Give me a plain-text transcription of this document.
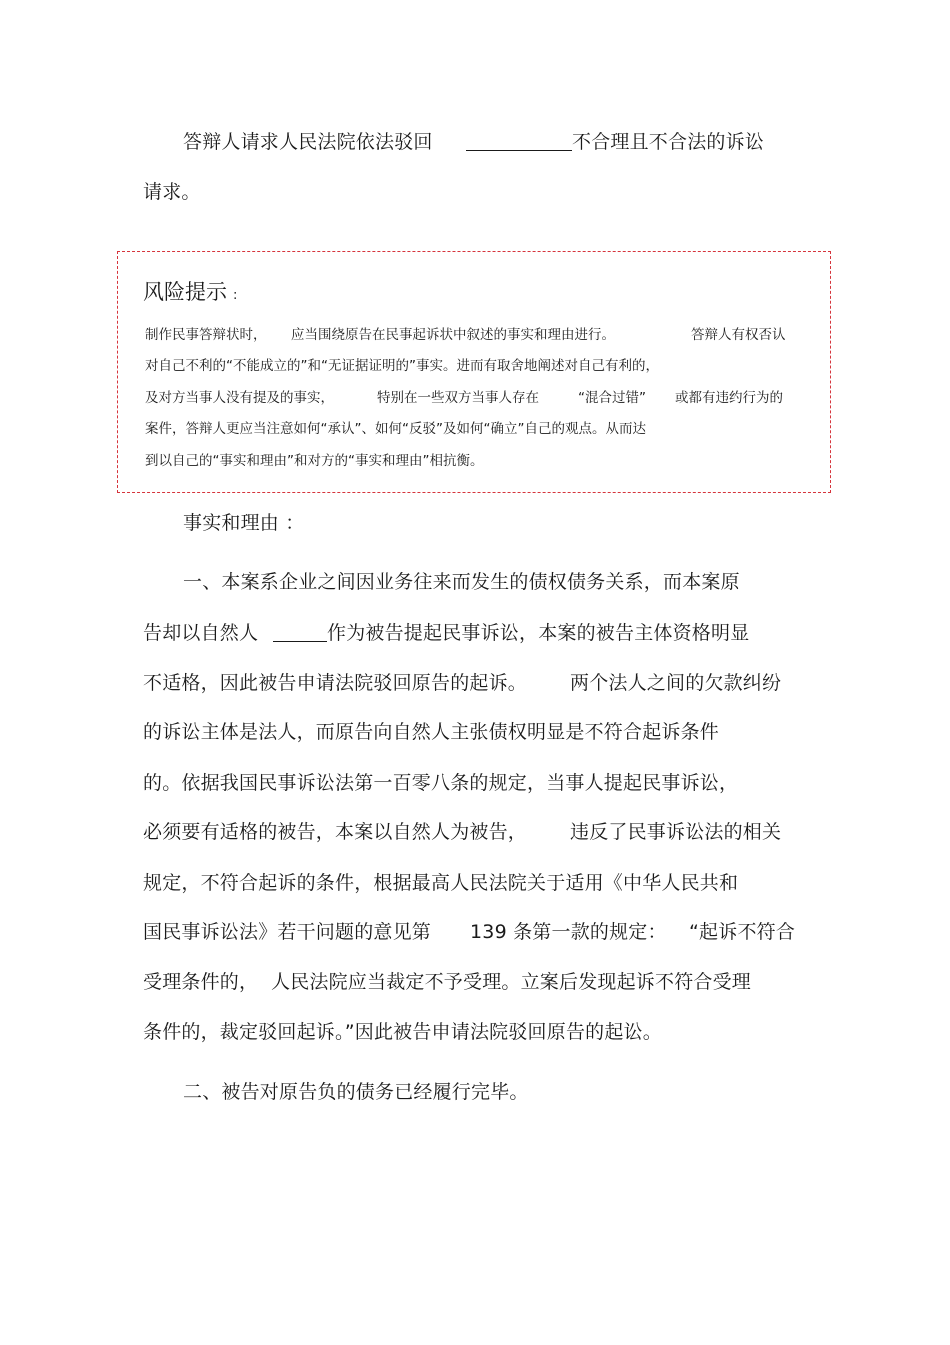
答辩人请求人民法院依法驳回	不合理且不合法的诉讼
请求。
风险提示 :
制作民事答辩状时， 应当围绕原告在民事起诉状中叙述的事实和理由进行。	答辩人有权否认
对自己不利的“不能成立的”和“无证据证明的”事实。进而有取舍地阐述对自己有利的，
及对方当事人没有提及的事实，	特别在一些双方当事人存在	“混合过错” 或都有违约行为的
案件，答辩人更应当注意如何“承认”、如何“反驳”及如何“确立”自己的观点。从而达
到以自己的“事实和理由”和对方的“事实和理由”相抗衡。
事实和理由 ：
一、本案系企业之间因业务往来而发生的债权债务关系，而本案原
告却以自然人	作为被告提起民事诉讼，本案的被告主体资格明显
不适格，因此被告申请法院驳回原告的起诉。 两个法人之间的欠款纠纷
的诉讼主体是法人，而原告向自然人主张债权明显是不符合起诉条件
的。依据我国民事诉讼法第一百零八条的规定，当事人提起民事诉讼，
必须要有适格的被告，本案以自然人为被告， 违反了民事诉讼法的相关
规定，不符合起诉的条件，根据最高人民法院关于适用《中华人民共和
国民事诉讼法》若干问题的意见第 139 条第一款的规定： “起诉不符合
受理条件的， 人民法院应当裁定不予受理。立案后发现起诉不符合受理
条件的，裁定驳回起诉。”因此被告申请法院驳回原告的起讼。
二、被告对原告负的债务已经履行完毕。
